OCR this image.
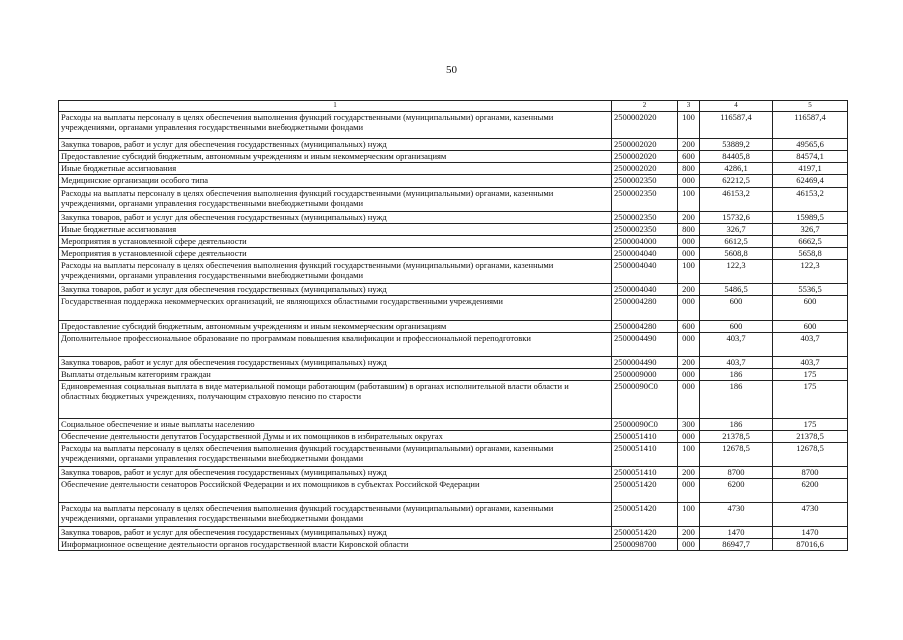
50
1	2	3	4	5
Расходы на выплаты персоналу в целях обеспечения выполнения функций государственными (муниципальными) органами, казенными учреждениями, органами управления государственными внебюджетными фондами	2500002020	100	116587,4	116587,4
Закупка товаров, работ и услуг для обеспечения государственных (муниципальных) нужд	2500002020	200	53889,2	49565,6
Предоставление субсидий бюджетным, автономным учреждениям и иным некоммерческим организациям	2500002020	600	84405,8	84574,1
Иные бюджетные ассигнования	2500002020	800	4286,1	4197,1
Медицинские организации особого типа	2500002350	000	62212,5	62469,4
Расходы на выплаты персоналу в целях обеспечения выполнения функций государственными (муниципальными) органами, казенными учреждениями, органами управления государственными внебюджетными фондами	2500002350	100	46153,2	46153,2
Закупка товаров, работ и услуг для обеспечения государственных (муниципальных) нужд	2500002350	200	15732,6	15989,5
Иные бюджетные ассигнования	2500002350	800	326,7	326,7
Мероприятия в установленной сфере деятельности	2500004000	000	6612,5	6662,5
Мероприятия в установленной сфере деятельности	2500004040	000	5608,8	5658,8
Расходы на выплаты персоналу в целях обеспечения выполнения функций государственными (муниципальными) органами, казенными учреждениями, органами управления государственными внебюджетными фондами	2500004040	100	122,3	122,3
Закупка товаров, работ и услуг для обеспечения государственных (муниципальных) нужд	2500004040	200	5486,5	5536,5
Государственная поддержка некоммерческих организаций, не являющихся областными государственными учреждениями	2500004280	000	600	600
Предоставление субсидий бюджетным, автономным учреждениям и иным некоммерческим организациям	2500004280	600	600	600
Дополнительное профессиональное образование по программам повышения квалификации и профессиональной переподготовки	2500004490	000	403,7	403,7
Закупка товаров, работ и услуг для обеспечения государственных (муниципальных) нужд	2500004490	200	403,7	403,7
Выплаты отдельным категориям граждан	2500009000	000	186	175
Единовременная социальная выплата в виде материальной помощи работающим (работавшим) в органах исполнительной власти области и областных бюджетных учреждениях, получающим страховую пенсию по старости	25000090С0	000	186	175
Социальное обеспечение и иные выплаты населению	25000090С0	300	186	175
Обеспечение деятельности депутатов Государственной Думы и их помощников в избирательных округах	2500051410	000	21378,5	21378,5
Расходы на выплаты персоналу в целях обеспечения выполнения функций государственными (муниципальными) органами, казенными учреждениями, органами управления государственными внебюджетными фондами	2500051410	100	12678,5	12678,5
Закупка товаров, работ и услуг для обеспечения государственных (муниципальных) нужд	2500051410	200	8700	8700
Обеспечение деятельности сенаторов Российской Федерации и их помощников в субъектах Российской Федерации	2500051420	000	6200	6200
Расходы на выплаты персоналу в целях обеспечения выполнения функций государственными (муниципальными) органами, казенными учреждениями, органами управления государственными внебюджетными фондами	2500051420	100	4730	4730
Закупка товаров, работ и услуг для обеспечения государственных (муниципальных) нужд	2500051420	200	1470	1470
Информационное освещение деятельности органов государственной власти Кировской области	2500098700	000	86947,7	87016,6
